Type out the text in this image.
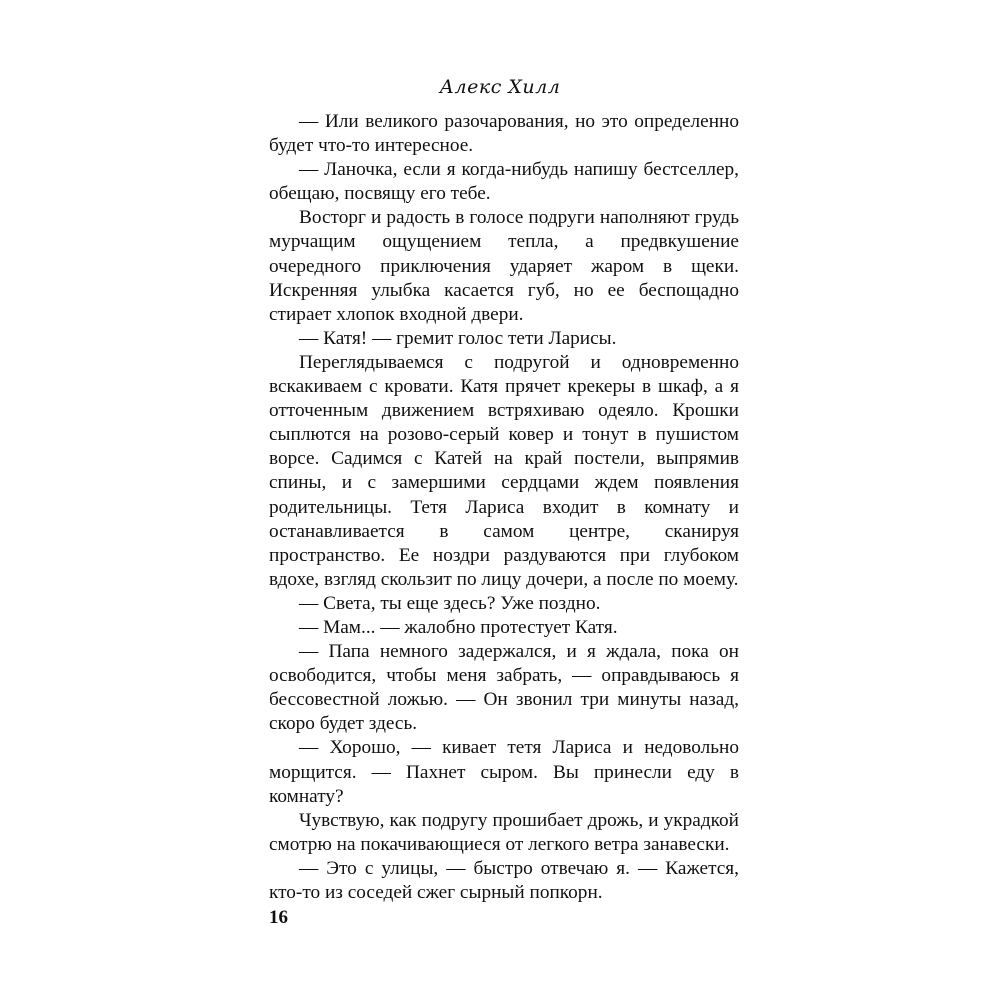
Алекс Хилл

— Или великого разочарования, но это определенно будет что-то интересное.

— Ланочка, если я когда-нибудь напишу бестселлер, обещаю, посвящу его тебе.

Восторг и радость в голосе подруги наполняют грудь мурчащим ощущением тепла, а предвкушение очередного приключения ударяет жаром в щеки. Искренняя улыбка касается губ, но ее беспощадно стирает хлопок входной двери.

— Катя! — гремит голос тети Ларисы.

Переглядываемся с подругой и одновременно вскакиваем с кровати. Катя прячет крекеры в шкаф, а я отточенным движением встряхиваю одеяло. Крошки сыплются на розово-серый ковер и тонут в пушистом ворсе. Садимся с Катей на край постели, выпрямив спины, и с замершими сердцами ждем появления родительницы. Тетя Лариса входит в комнату и останавливается в самом центре, сканируя пространство. Ее ноздри раздуваются при глубоком вдохе, взгляд скользит по лицу дочери, а после по моему.

— Света, ты еще здесь? Уже поздно.

— Мам... — жалобно протестует Катя.

— Папа немного задержался, и я ждала, пока он освободится, чтобы меня забрать, — оправдываюсь я бессовестной ложью. — Он звонил три минуты назад, скоро будет здесь.

— Хорошо, — кивает тетя Лариса и недовольно морщится. — Пахнет сыром. Вы принесли еду в комнату?

Чувствую, как подругу прошибает дрожь, и украдкой смотрю на покачивающиеся от легкого ветра занавески.

— Это с улицы, — быстро отвечаю я. — Кажется, кто-то из соседей сжег сырный попкорн.

16
